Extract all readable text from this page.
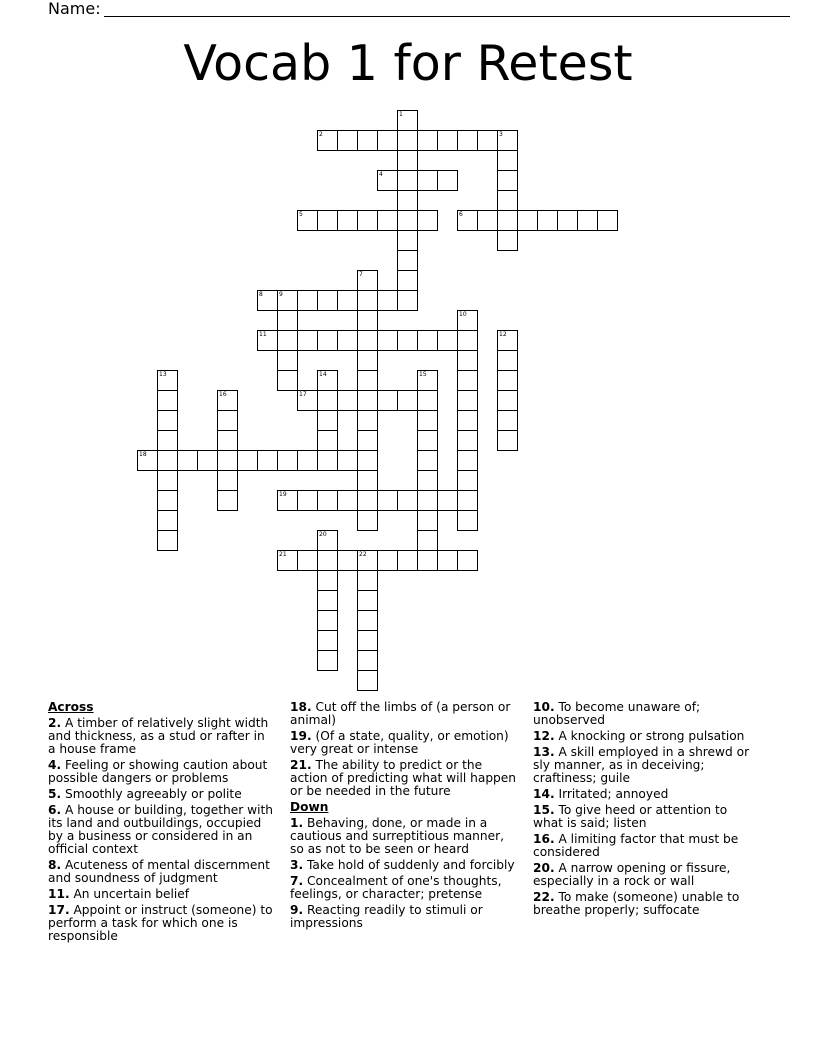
Name:
Vocab 1 for Retest
1
2	3
4
5	6
7
8	9
10
11	12
13	14	15
16	17
18
19
20
21	22
Across
2. A timber of relatively slight width and thickness, as a stud or rafter in a house frame
4. Feeling or showing caution about possible dangers or problems
5. Smoothly agreeably or polite
6. A house or building, together with its land and outbuildings, occupied by a business or considered in an official context
8. Acuteness of mental discernment and soundness of judgment
11. An uncertain belief
17. Appoint or instruct (someone) to perform a task for which one is responsible
18. Cut off the limbs of (a person or animal)
19. (Of a state, quality, or emotion) very great or intense
21. The ability to predict or the action of predicting what will happen or be needed in the future
Down
1. Behaving, done, or made in a cautious and surreptitious manner, so as not to be seen or heard
3. Take hold of suddenly and forcibly
7. Concealment of one's thoughts, feelings, or character; pretense
9. Reacting readily to stimuli or impressions
10. To become unaware of; unobserved
12. A knocking or strong pulsation
13. A skill employed in a shrewd or sly manner, as in deceiving; craftiness; guile
14. Irritated; annoyed
15. To give heed or attention to what is said; listen
16. A limiting factor that must be considered
20. A narrow opening or fissure, especially in a rock or wall
22. To make (someone) unable to breathe properly; suffocate
